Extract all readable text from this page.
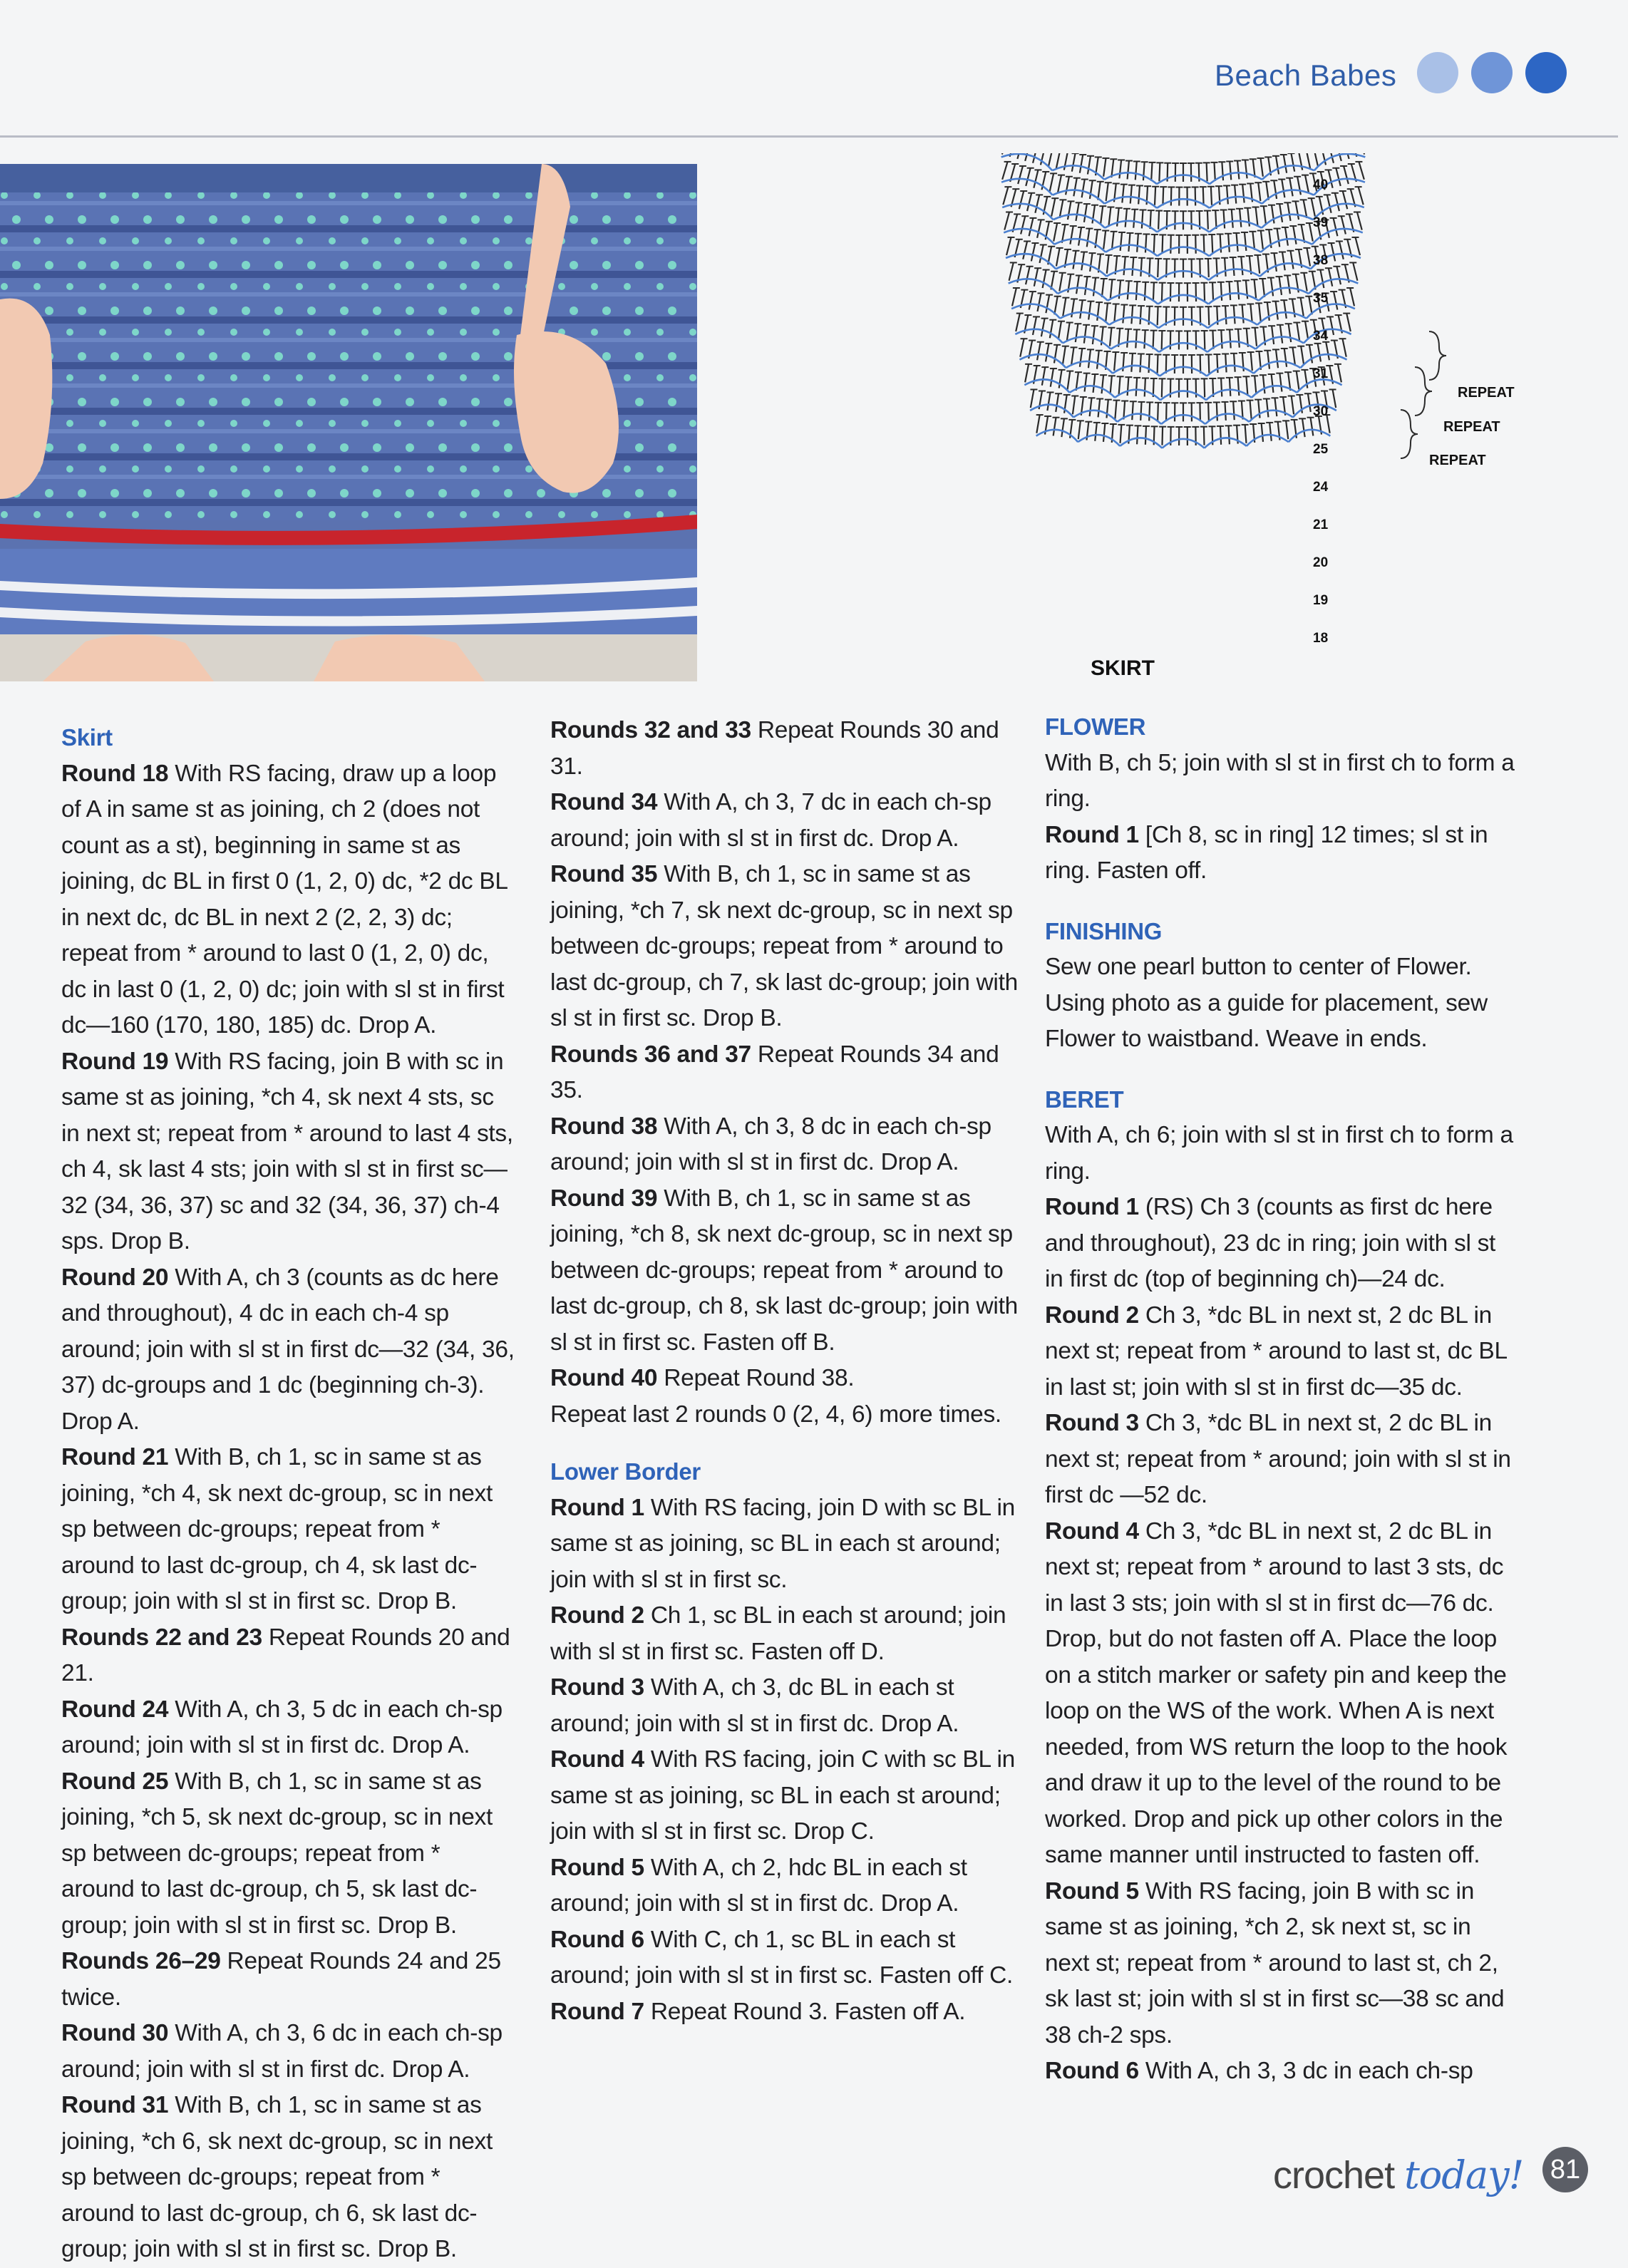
Beach Babes
40
39
38
35
34
31
30
25
24
21
20
19
18
REPEAT
REPEAT
REPEAT
SKIRT

Skirt

Round 18 With RS facing, draw up a loop of A in same st as joining, ch 2 (does not count as a st), beginning in same st as joining, dc BL in first 0 (1, 2, 0) dc, *2 dc BL in next dc, dc BL in next 2 (2, 2, 3) dc; repeat from * around to last 0 (1, 2, 0) dc, dc in last 0 (1, 2, 0) dc; join with sl st in first dc—160 (170, 180, 185) dc. Drop A.

Round 19 With RS facing, join B with sc in same st as joining, *ch 4, sk next 4 sts, sc in next st; repeat from * around to last 4 sts, ch 4, sk last 4 sts; join with sl st in first sc—32 (34, 36, 37) sc and 32 (34, 36, 37) ch-4 sps. Drop B.

Round 20 With A, ch 3 (counts as dc here and throughout), 4 dc in each ch-4 sp around; join with sl st in first dc—32 (34, 36, 37) dc-groups and 1 dc (beginning ch-3). Drop A.

Round 21 With B, ch 1, sc in same st as joining, *ch 4, sk next dc-group, sc in next sp between dc-groups; repeat from * around to last dc-group, ch 4, sk last dc-group; join with sl st in first sc. Drop B.

Rounds 22 and 23 Repeat Rounds 20 and 21.

Round 24 With A, ch 3, 5 dc in each ch-sp around; join with sl st in first dc. Drop A.

Round 25 With B, ch 1, sc in same st as joining, *ch 5, sk next dc-group, sc in next sp between dc-groups; repeat from * around to last dc-group, ch 5, sk last dc-group; join with sl st in first sc. Drop B.

Rounds 26–29 Repeat Rounds 24 and 25 twice.

Round 30 With A, ch 3, 6 dc in each ch-sp around; join with sl st in first dc. Drop A.

Round 31 With B, ch 1, sc in same st as joining, *ch 6, sk next dc-group, sc in next sp between dc-groups; repeat from * around to last dc-group, ch 6, sk last dc-group; join with sl st in first sc. Drop B.

Rounds 32 and 33 Repeat Rounds 30 and 31.

Round 34 With A, ch 3, 7 dc in each ch-sp around; join with sl st in first dc. Drop A.

Round 35 With B, ch 1, sc in same st as joining, *ch 7, sk next dc-group, sc in next sp between dc-groups; repeat from * around to last dc-group, ch 7, sk last dc-group; join with sl st in first sc. Drop B.

Rounds 36 and 37 Repeat Rounds 34 and 35.

Round 38 With A, ch 3, 8 dc in each ch-sp around; join with sl st in first dc. Drop A.

Round 39 With B, ch 1, sc in same st as joining, *ch 8, sk next dc-group, sc in next sp between dc-groups; repeat from * around to last dc-group, ch 8, sk last dc-group; join with sl st in first sc. Fasten off B.

Round 40 Repeat Round 38.

Repeat last 2 rounds 0 (2, 4, 6) more times.

Lower Border

Round 1 With RS facing, join D with sc BL in same st as joining, sc BL in each st around; join with sl st in first sc.

Round 2 Ch 1, sc BL in each st around; join with sl st in first sc. Fasten off D.

Round 3 With A, ch 3, dc BL in each st around; join with sl st in first dc. Drop A.

Round 4 With RS facing, join C with sc BL in same st as joining, sc BL in each st around; join with sl st in first sc. Drop C.

Round 5 With A, ch 2, hdc BL in each st around; join with sl st in first dc. Drop A.

Round 6 With C, ch 1, sc BL in each st around; join with sl st in first sc. Fasten off C.

Round 7 Repeat Round 3. Fasten off A.

FLOWER

With B, ch 5; join with sl st in first ch to form a ring.

Round 1 [Ch 8, sc in ring] 12 times; sl st in ring. Fasten off.

FINISHING

Sew one pearl button to center of Flower. Using photo as a guide for placement, sew Flower to waistband. Weave in ends.

BERET

With A, ch 6; join with sl st in first ch to form a ring.

Round 1 (RS) Ch 3 (counts as first dc here and throughout), 23 dc in ring; join with sl st in first dc (top of beginning ch)—24 dc.

Round 2 Ch 3, *dc BL in next st, 2 dc BL in next st; repeat from * around to last st, dc BL in last st; join with sl st in first dc—35 dc.

Round 3 Ch 3, *dc BL in next st, 2 dc BL in next st; repeat from * around; join with sl st in first dc —52 dc.

Round 4 Ch 3, *dc BL in next st, 2 dc BL in next st; repeat from * around to last 3 sts, dc in last 3 sts; join with sl st in first dc—76 dc. Drop, but do not fasten off A. Place the loop on a stitch marker or safety pin and keep the loop on the WS of the work. When A is next needed, from WS return the loop to the hook and draw it up to the level of the round to be worked. Drop and pick up other colors in the same manner until instructed to fasten off.

Round 5 With RS facing, join B with sc in same st as joining, *ch 2, sk next st, sc in next st; repeat from * around to last st, ch 2, sk last st; join with sl st in first sc—38 sc and 38 ch-2 sps.

Round 6 With A, ch 3, 3 dc in each ch-sp

crochet today! 81
